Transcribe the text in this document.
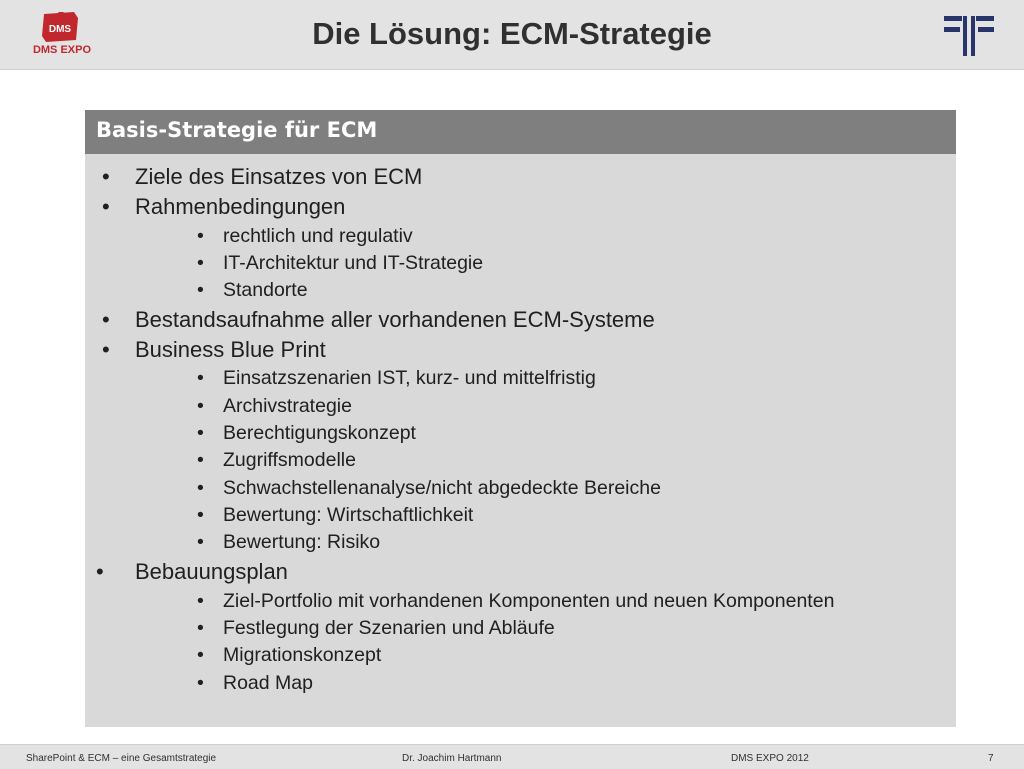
DMS
DMS EXPO	Die Lösung: ECM-Strategie
Basis-Strategie für ECM
• Ziele des Einsatzes von ECM
• Rahmenbedingungen
• rechtlich und regulativ
• IT-Architektur und IT-Strategie
• Standorte
• Bestandsaufnahme aller vorhandenen ECM-Systeme
• Business Blue Print
• Einsatzszenarien IST, kurz- und mittelfristig
• Archivstrategie
• Berechtigungskonzept
• Zugriffsmodelle
• Schwachstellenanalyse/nicht abgedeckte Bereiche
• Bewertung: Wirtschaftlichkeit
• Bewertung: Risiko
• Bebauungsplan
• Ziel-Portfolio mit vorhandenen Komponenten und neuen Komponenten
• Festlegung der Szenarien und Abläufe
• Migrationskonzept
• Road Map
SharePoint & ECM – eine Gesamtstrategie	Dr. Joachim Hartmann	DMS EXPO 2012	7
